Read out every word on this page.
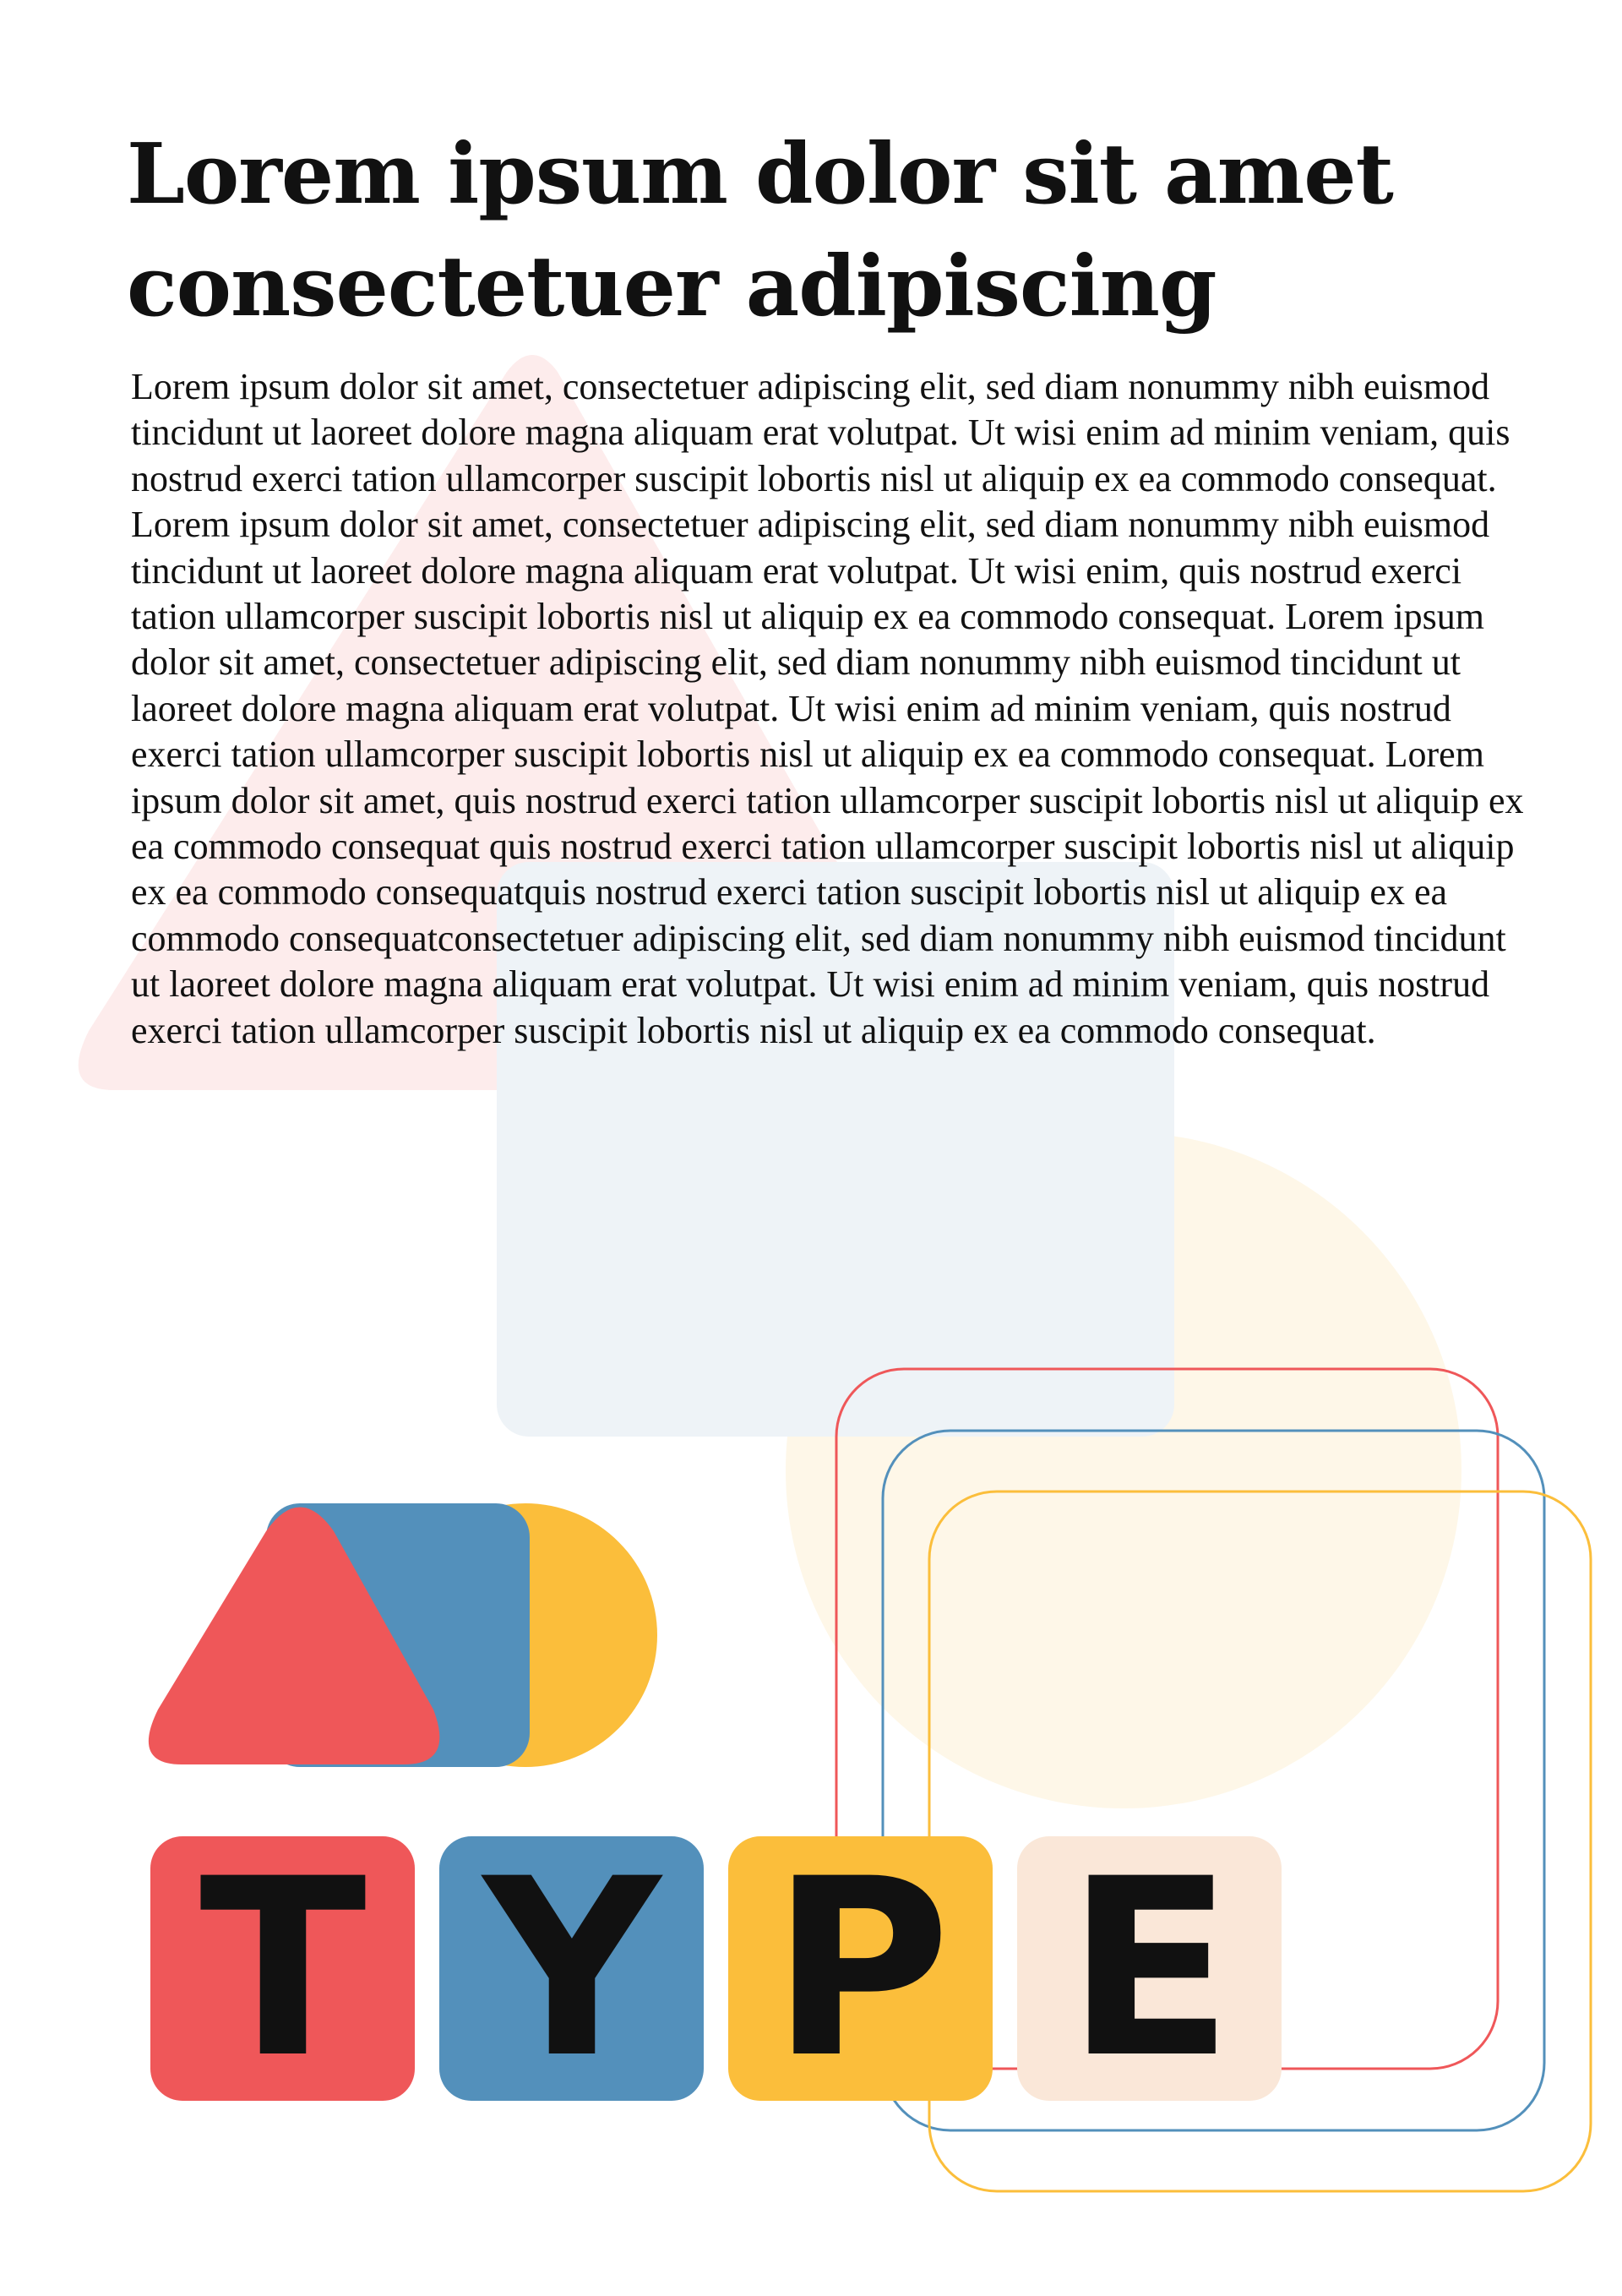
Lorem ipsum dolor sit amet
consectetuer adipiscing

Lorem ipsum dolor sit amet, consectetuer adipiscing elit, sed diam nonummy nibh euismod tincidunt ut laoreet dolore magna aliquam erat volutpat. Ut wisi enim ad minim veniam, quis nostrud exerci tation ullamcorper suscipit lobortis nisl ut aliquip ex ea commodo consequat. Lorem ipsum dolor sit amet, consectetuer adipiscing elit, sed diam nonummy nibh euismod tincidunt ut laoreet dolore magna aliquam erat volutpat. Ut wisi enim, quis nostrud exerci tation ullamcorper suscipit lobortis nisl ut aliquip ex ea commodo consequat. Lorem ipsum dolor sit amet, consectetuer adipiscing elit, sed diam nonummy nibh euismod tincidunt ut laoreet dolore magna aliquam erat volutpat. Ut wisi enim ad minim veniam, quis nostrud exerci tation ullamcorper suscipit lobortis nisl ut aliquip ex ea commodo consequat. Lorem ipsum dolor sit amet, quis nostrud exerci tation ullamcorper suscipit lobortis nisl ut aliquip ex ea commodo consequat quis nostrud exerci tation ullamcorper suscipit lobortis nisl ut aliquip ex ea commodo consequatquis nostrud exerci tation suscipit lobortis nisl ut aliquip ex ea commodo consequatconsectetuer adipiscing elit, sed diam nonummy nibh euismod tincidunt ut laoreet dolore magna aliquam erat volutpat. Ut wisi enim ad minim veniam, quis nostrud exerci tation ullamcorper suscipit lobortis nisl ut aliquip ex ea commodo consequat.

T Y P E
